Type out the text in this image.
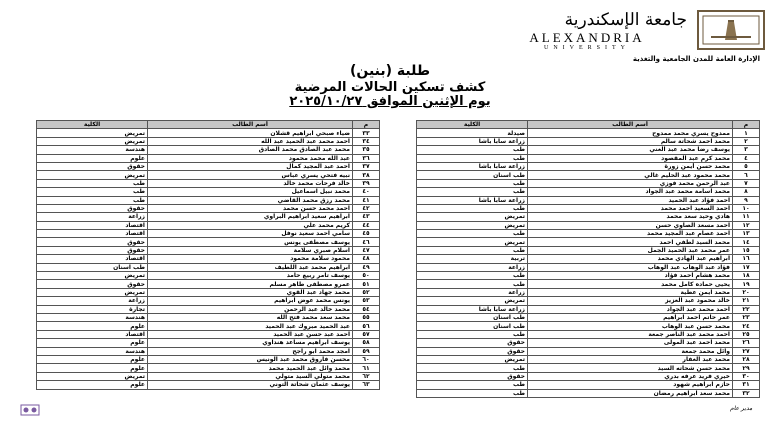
جامعة الإسكندرية
ALEXANDRIA
UNIVERSITY
الإدارة العامة للمدن الجامعية والتغذية
طلبة (بنين)
كشف تسكين الحالات المرضية
يوم الإثنين الموافق ٢٠٢٥/١٠/٢٧
م	أسم الطالب	الكلية
١	ممدوح يسري محمد ممدوح	صيدلة
٢	محمد احمد شحاتة سالم	زراعة سابا باشا
٣	يوسف رضا محمد عبد الغني	طب
٤	محمد كرم عبد المقصود	طب
٥	محمد حسن أيمن زورة	زراعة سابا باشا
٦	محمد محمود عبد الحليم غالي	طب اسنان
٧	عبد الرحمن محمد فوزي	طب
٨	محمد اسامة محمد عبد الجواد	طب
٩	احمد فؤاد عبد الحميد	زراعة سابا باشا
١٠	احمد السعيد احمد محمد	طب
١١	هادي وحيد سعد محمد	تمريض
١٢	احمد مسعد الصاوي حسن	تمريض
١٣	احمد عصام عبد المجيد محمد	طب
١٤	محمد السيد لطفي احمد	تمريض
١٥	عمر محمد عبد الحميد الجمل	طب
١٦	ابراهيم عبد الهادي محمد	تربية
١٧	فؤاد عبد الوهاب عبد الوهاب	زراعة
١٨	محمد هشام احمد فؤاد	طب
١٩	يحيى حماده كامل محمد	طب
٢٠	محمد ايمن عطية	زراعة
٢١	خالد محمود عبد العزيز	تمريض
٢٢	احمد محمد عبد الجواد	زراعة سابا باشا
٢٣	عمر حاتم احمد ابراهيم	طب اسنان
٢٤	محمد حسن عبد الوهاب	طب اسنان
٢٥	احمد محمد عبد الناصر جمعة	طب
٢٦	محمد احمد عبد المولى	حقوق
٢٧	وائل محمد جمعة	حقوق
٢٨	محمد عبد الغفار	تمريض
٢٩	محمد حسن شحاته السيد	طب
٣٠	خيري فريد عرفه بدري	حقوق
٣١	حازم ابراهيم شهود	طب
٣٢	محمد سعد ابراهيم رمضان	طب
م	أسم الطالب	الكلية
٣٣	ضياء صبحي ابراهيم قشلان	تمريض
٣٤	احمد محمد عبد الحميد عبد الله	تمريض
٣٥	محمد عبد الصادق محمد الصادق	هندسة
٣٦	عبد الله محمد محمود	علوم
٣٧	احمد عبد المجيد كمال	حقوق
٣٨	نبيه فتحي يسري عباس	تمريض
٣٩	خالد فرحات محمد خالد	طب
٤٠	محمد نبيل اسماعيل	طب
٤١	محمد رزق محمد القاضي	طب
٤٢	احمد محمد حسن محمد	حقوق
٤٣	ابراهيم سعيد ابراهيم البراوي	زراعة
٤٤	كريم محمد علي	اقتصاد
٤٥	سامي احمد سعيد نوفل	اقتصاد
٤٦	يوسف مصطفى يونس	حقوق
٤٧	اسلام صبري سلامة	حقوق
٤٨	محمود سلامة محمود	اقتصاد
٤٩	ابراهيم محمد عبد اللطيف	طب اسنان
٥٠	يوسف تامر ربيع حامد	تمريض
٥١	عمرو مصطفى طاهر مسلم	حقوق
٥٢	محمد جهاد عبد القوي	تمريض
٥٣	يونس محمد عوض ابراهيم	زراعة
٥٤	محمد خالد عبد الرحمن	تجارة
٥٥	محمد سعد محمد فتح الله	هندسة
٥٦	عبد الحميد مبروك عبد الحميد	علوم
٥٧	احمد عبد حسن عبد الحميد	اقتصاد
٥٨	يوسف ابراهيم مساعد هنداوي	علوم
٥٩	امجد محمد ابو راجح	هندسة
٦٠	محسن فاروق محمد عبد الونيس	علوم
٦١	محمد وائل عبد الحميد محمد	علوم
٦٢	محمد متولي السيد متولي	تمريض
٦٣	يوسف عثمان شحاتة التوني	علوم
مدير عام
